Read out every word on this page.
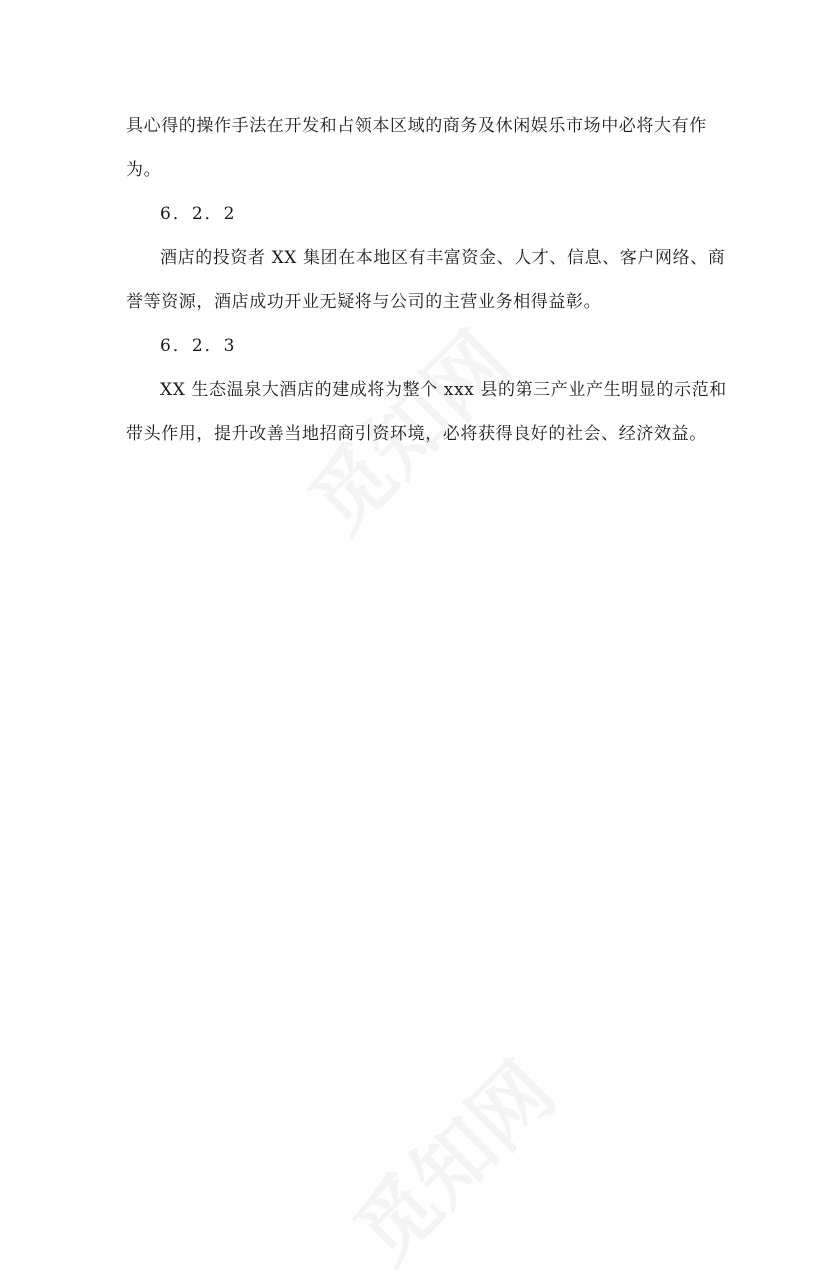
具心得的操作手法在开发和占领本区域的商务及休闲娱乐市场中必将大有作
为。
6．2．2
酒店的投资者 XX 集团在本地区有丰富资金、人才、信息、客户网络、商
誉等资源，酒店成功开业无疑将与公司的主营业务相得益彰。
6．2．3
XX 生态温泉大酒店的建成将为整个 xxx 县的第三产业产生明显的示范和
带头作用，提升改善当地招商引资环境，必将获得良好的社会、经济效益。
